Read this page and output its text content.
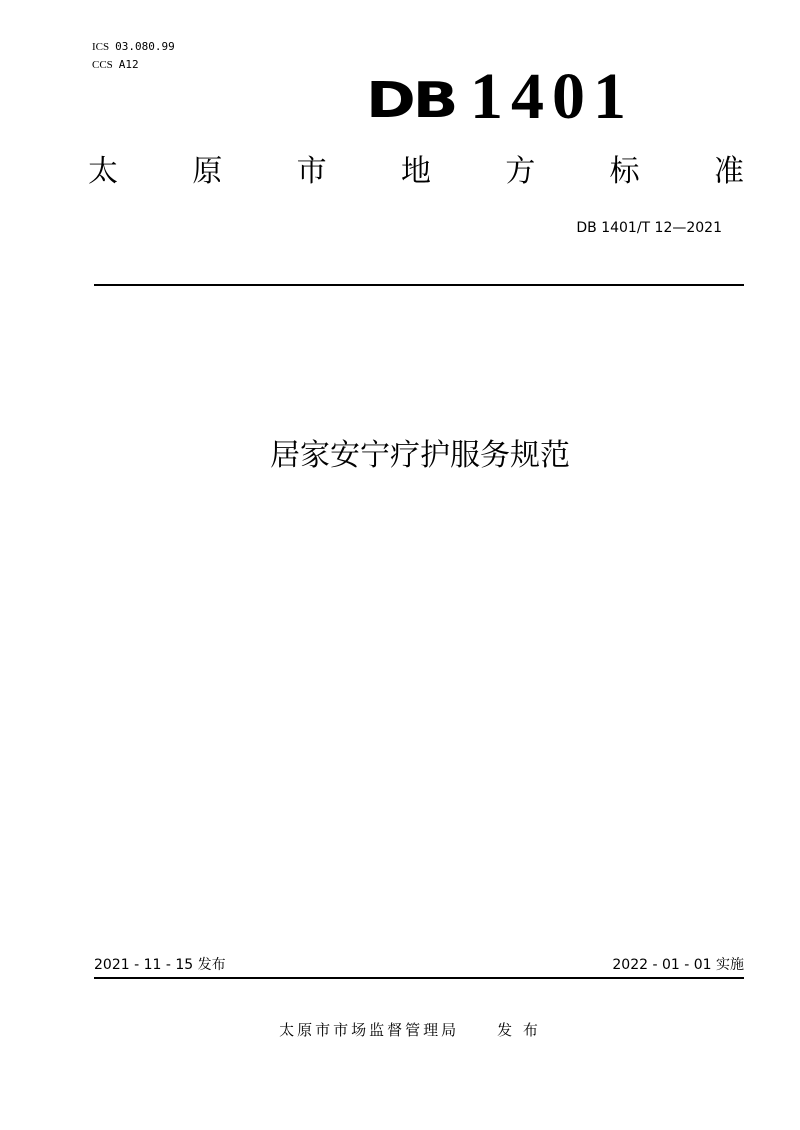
ICS 03.080.99
CCS A12
DB 1401
太 原 市 地 方 标 准
DB 1401/T 12—2021
居家安宁疗护服务规范
2021 - 11 - 15 发布	2022 - 01 - 01 实施
太原市市场监督管理局	发 布
